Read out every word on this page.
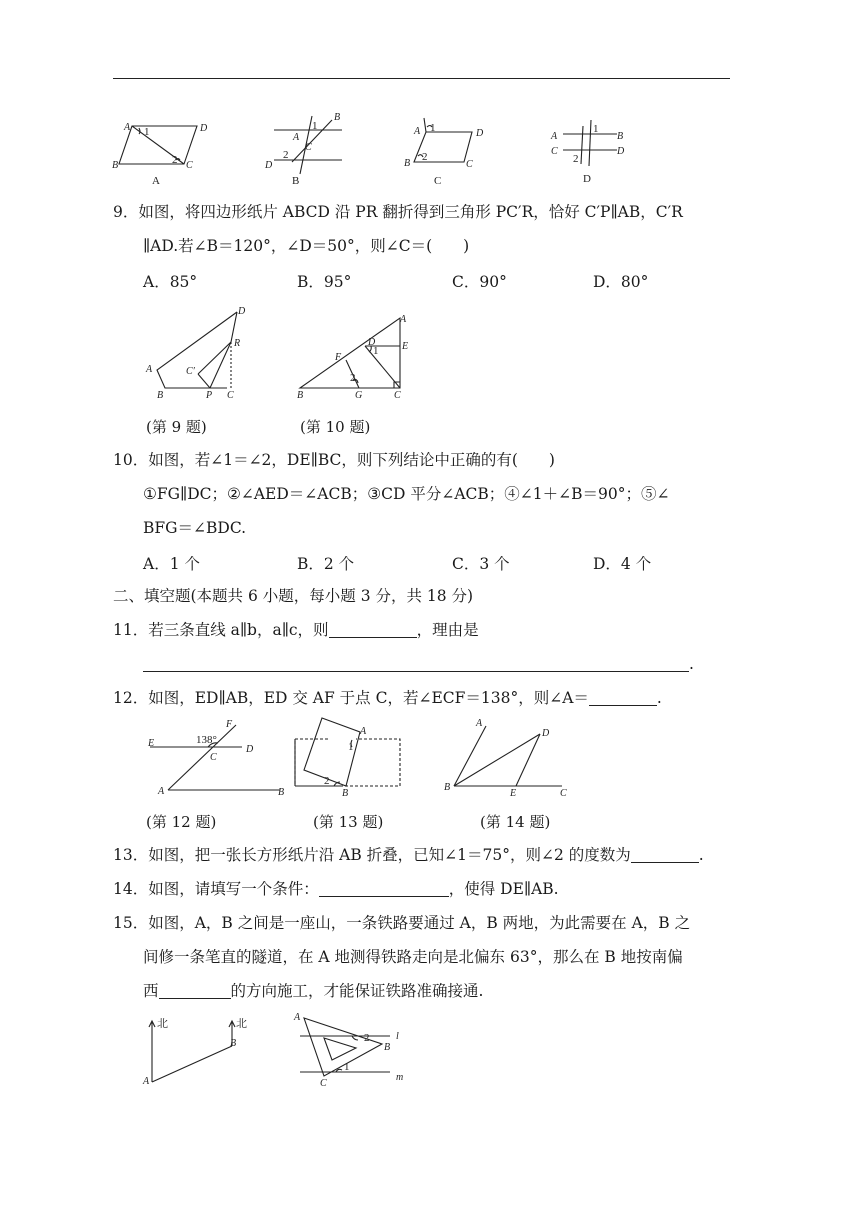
A	D
B	C
1
2
A
B
A
C
D
1
2
B
A	D
B	C
1
2
C
A	B
C	D
1
2
D
9．如图，将四边形纸片 ABCD 沿 PR 翻折得到三角形 PC′R，恰好 C′P∥AB，C′R
∥AD.若∠B＝120°，∠D＝50°，则∠C＝(　　)
A．85°	B．95°	C．90°	D．80°
D
A
B	P C
R
C′
(第 9 题)
A
D	E
F
B	G	C
1
2
(第 10 题)
10．如图，若∠1＝∠2，DE∥BC，则下列结论中正确的有(　　)
①FG∥DC；②∠AED＝∠ACB；③CD 平分∠ACB；④∠1＋∠B＝90°；⑤∠
BFG＝∠BDC.
A．1 个	B．2 个	C．3 个	D．4 个
二、填空题(本题共 6 小题，每小题 3 分，共 18 分)
11．若三条直线 a∥b，a∥c，则	，理由是
.
12．如图，ED∥AB，ED 交 AF 于点 C，若∠ECF＝138°，则∠A＝	.
F
E
D
C
A	B
138°
(第 12 题)
A
B
1
2
(第 13 题)
A
D
B
E	C
(第 14 题)
13．如图，把一张长方形纸片沿 AB 折叠，已知∠1＝75°，则∠2 的度数为	.
14．如图，请填写一个条件：	，使得 DE∥AB.
15．如图，A，B 之间是一座山，一条铁路要通过 A，B 两地，为此需要在 A，B 之
间修一条笔直的隧道，在 A 地测得铁路走向是北偏东 63°，那么在 B 地按南偏
西	的方向施工，才能保证铁路准确接通.
北	北
A
B
A
B
C
l
m
2
1
